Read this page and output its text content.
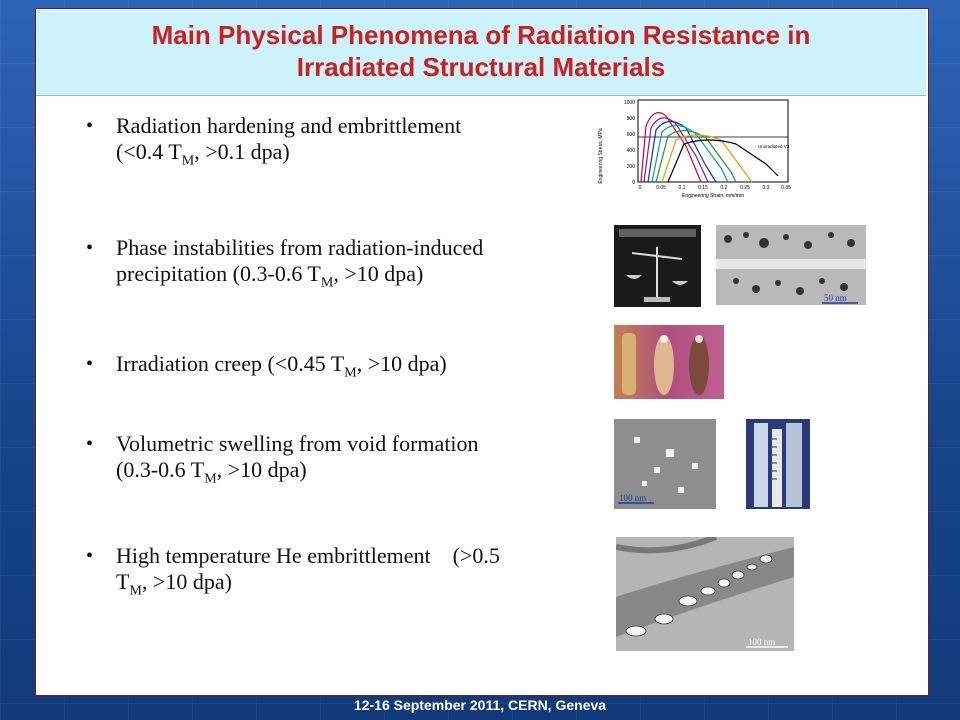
Main Physical Phenomena of Radiation Resistance in
Irradiated Structural Materials
• Radiation hardening and embrittlement
(<0.4 $T_M$, >0.1 dpa)
• Phase instabilities from radiation-induced
precipitation (0.3-0.6 $T_M$, >10 dpa)
• Irradiation creep (<0.45 $T_M$, >10 dpa)
• Volumetric swelling from void formation
(0.3-0.6 $T_M$, >10 dpa)
• High temperature He embrittlement    (>0.5
$T_M$, >10 dpa)
Engineering Stress, MPa	Unirradiated V3
0
200
400
600
800
1000
0	0.05	0.1	0.15	0.2	0.25	0.3 0.35
Engineering Strain, mm/mm
50 nm
100 nm
100 nm
12-16 September 2011, CERN, Geneva
